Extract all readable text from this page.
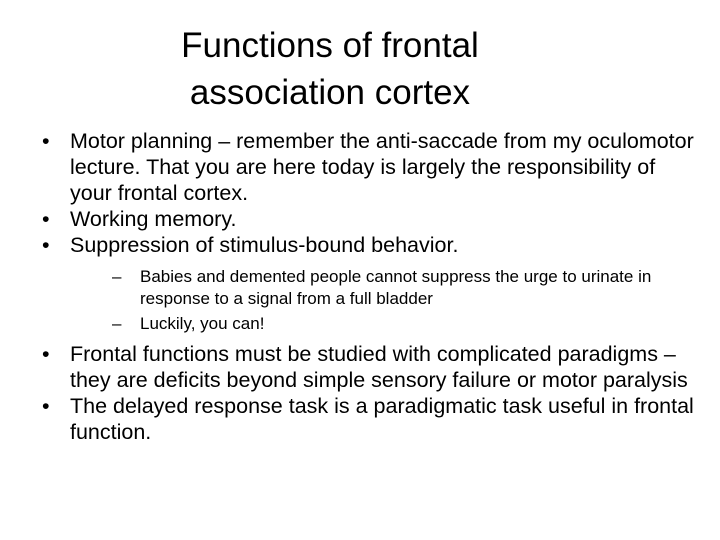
Functions of frontal
association cortex
• Motor planning – remember the anti-saccade from my oculomotor lecture. That you are here today is largely the responsibility of your frontal cortex.
• Working memory.
• Suppression of stimulus-bound behavior.
– Babies and demented people cannot suppress the urge to urinate in response to a signal from a full bladder
– Luckily, you can!
• Frontal functions must be studied with complicated paradigms – they are deficits beyond simple sensory failure or motor paralysis
• The delayed response task is a paradigmatic task useful in frontal function.
